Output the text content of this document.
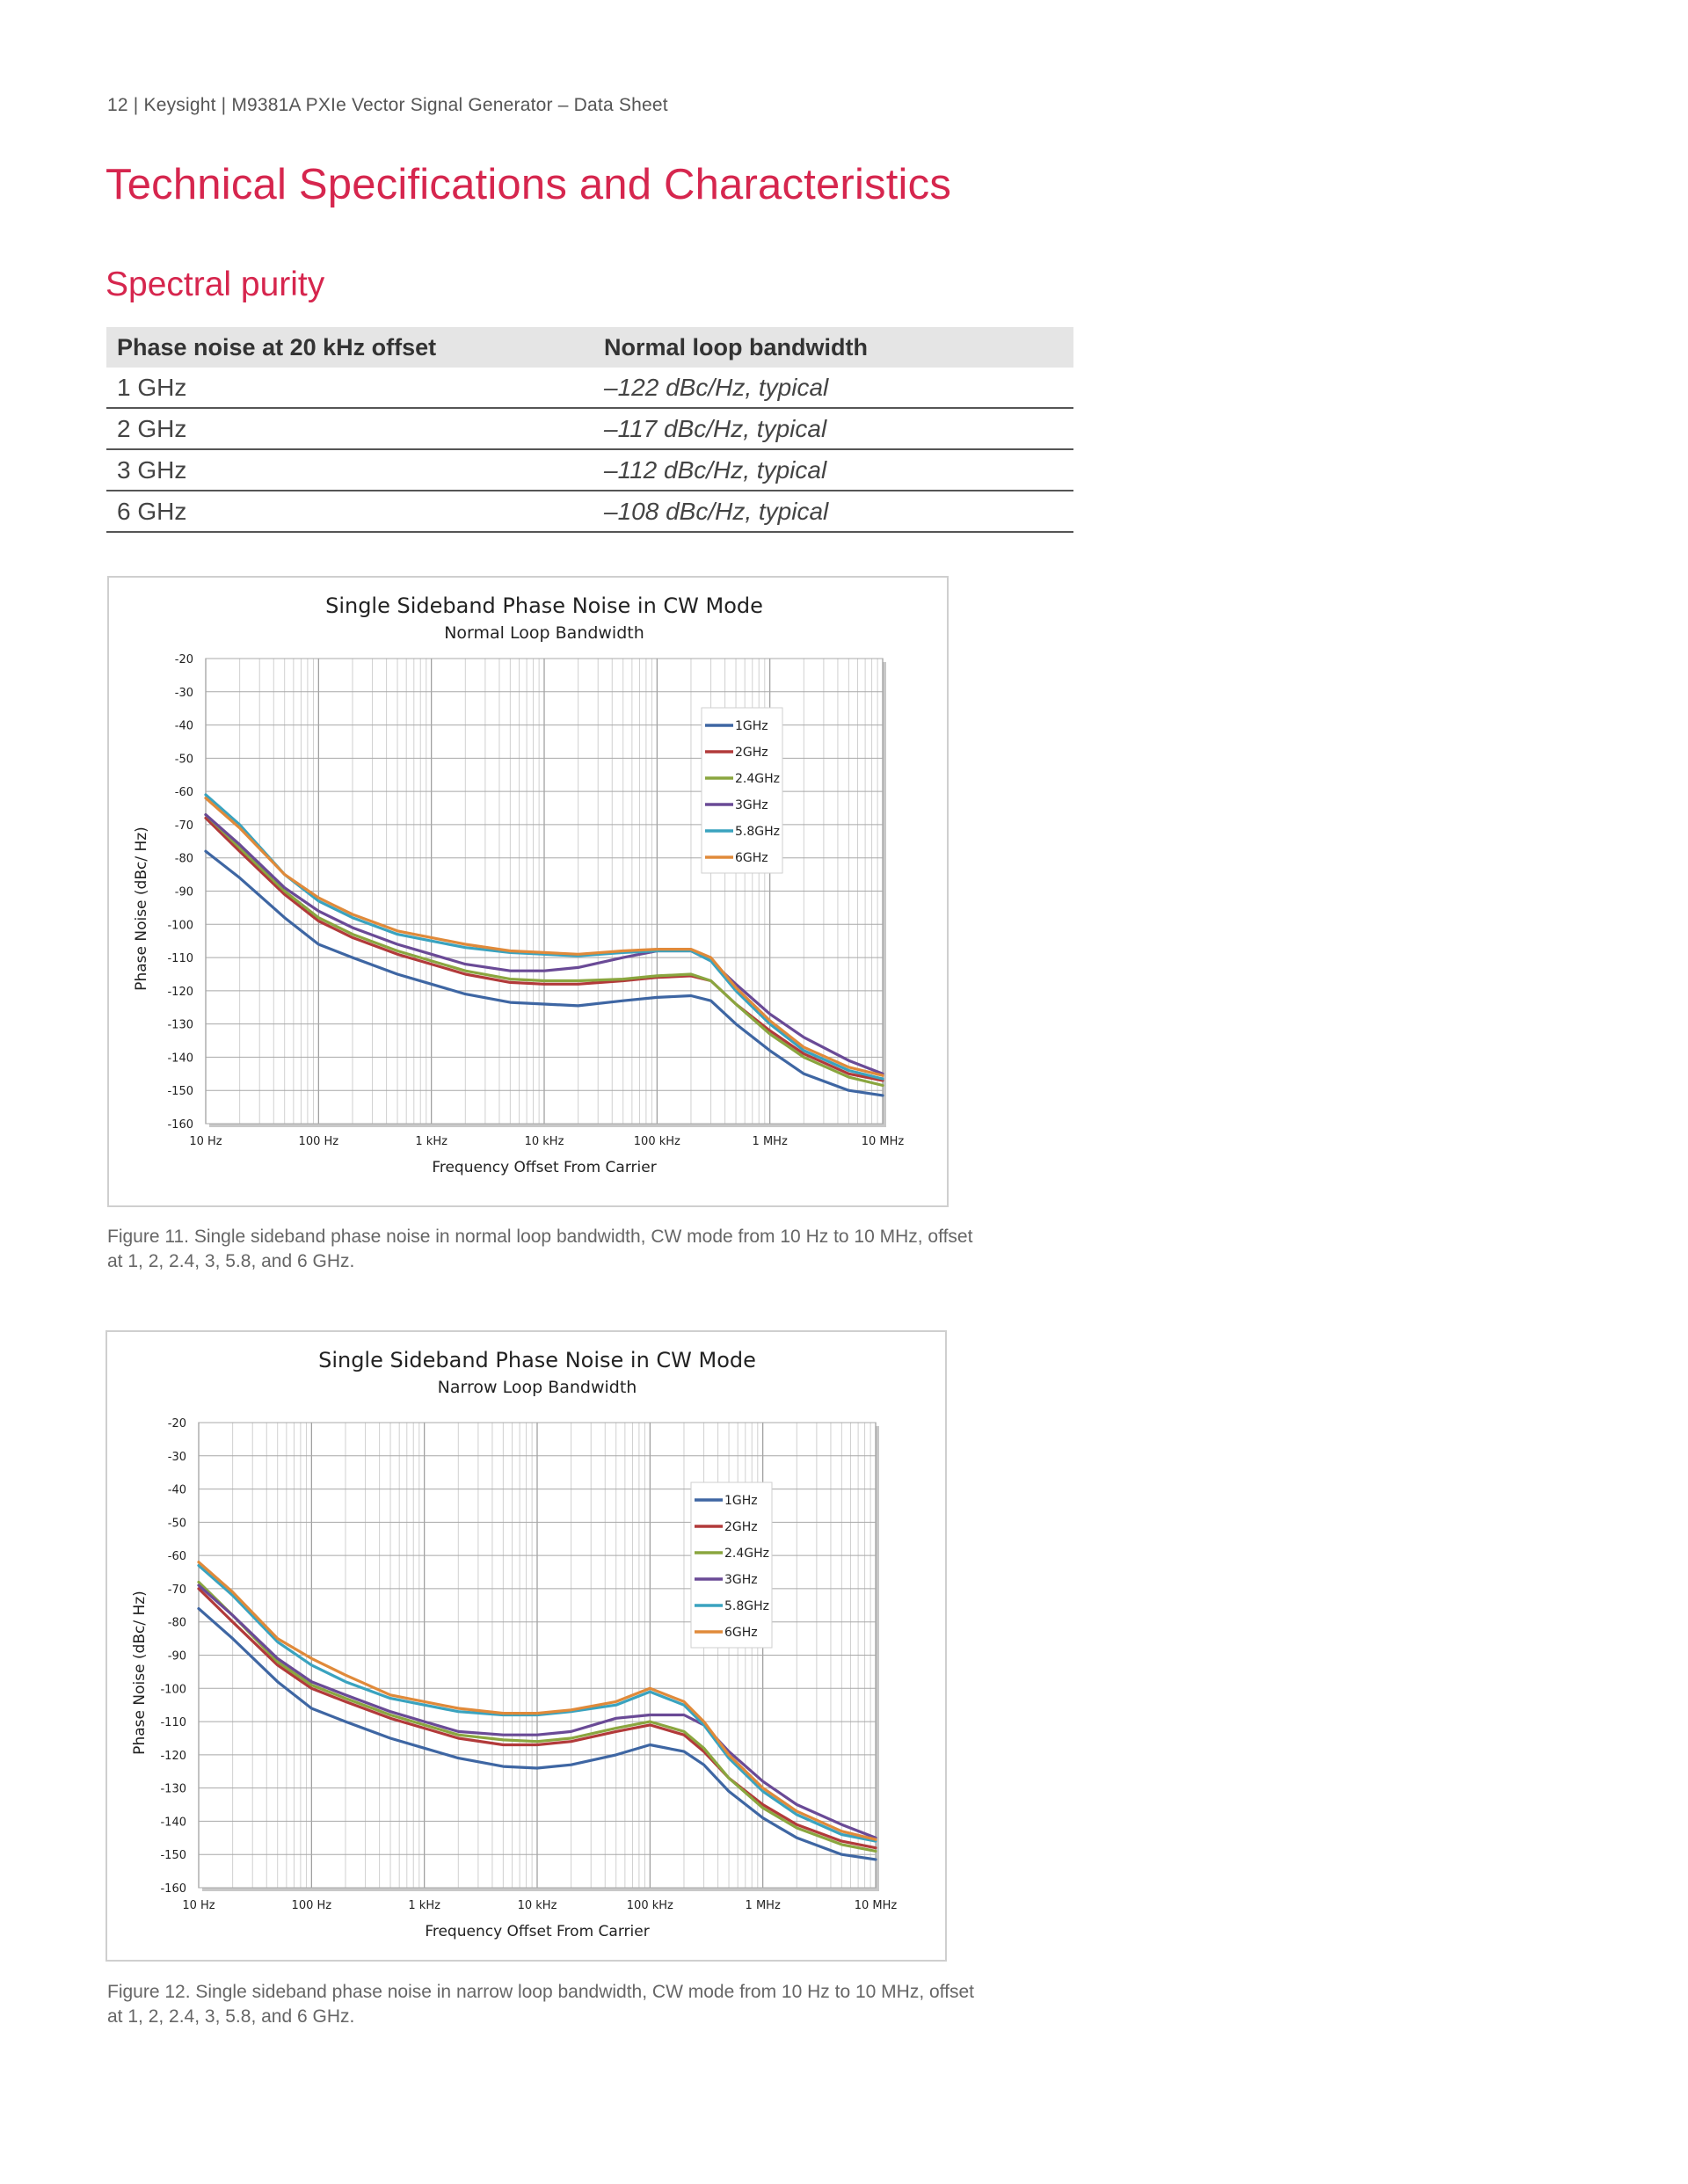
12 | Keysight | M9381A PXIe Vector Signal Generator – Data Sheet
Technical Specifications and Characteristics
Spectral purity
Phase noise at 20 kHz offset	Normal loop bandwidth
1 GHz	–122 dBc/Hz, typical
2 GHz	–117 dBc/Hz, typical
3 GHz	–112 dBc/Hz, typical
6 GHz	–108 dBc/Hz, typical
Single Sideband Phase Noise in CW Mode
Normal Loop Bandwidth
10 Hz	100 Hz	1 kHz	10 kHz	100 kHz	1 MHz	10 MHz
-20
-30
-40
-50
-60
-70
-80
-90
-100
-110
-120
-130
-140
-150
-160
Frequency Offset From Carrier
Phase Noise (dBc/ Hz)
1GHz
2GHz
2.4GHz
3GHz
5.8GHz
6GHz

Figure 11. Single sideband phase noise in normal loop bandwidth, CW mode from 10 Hz to 10 MHz, offset at 1, 2, 2.4, 3, 5.8, and 6 GHz.

Single Sideband Phase Noise in CW Mode
Narrow Loop Bandwidth
10 Hz	100 Hz	1 kHz	10 kHz	100 kHz	1 MHz	10 MHz
-20
-30
-40
-50
-60
-70
-80
-90
-100
-110
-120
-130
-140
-150
-160
Frequency Offset From Carrier
Phase Noise (dBc/ Hz)
1GHz
2GHz
2.4GHz
3GHz
5.8GHz
6GHz

Figure 12. Single sideband phase noise in narrow loop bandwidth, CW mode from 10 Hz to 10 MHz, offset at 1, 2, 2.4, 3, 5.8, and 6 GHz.
